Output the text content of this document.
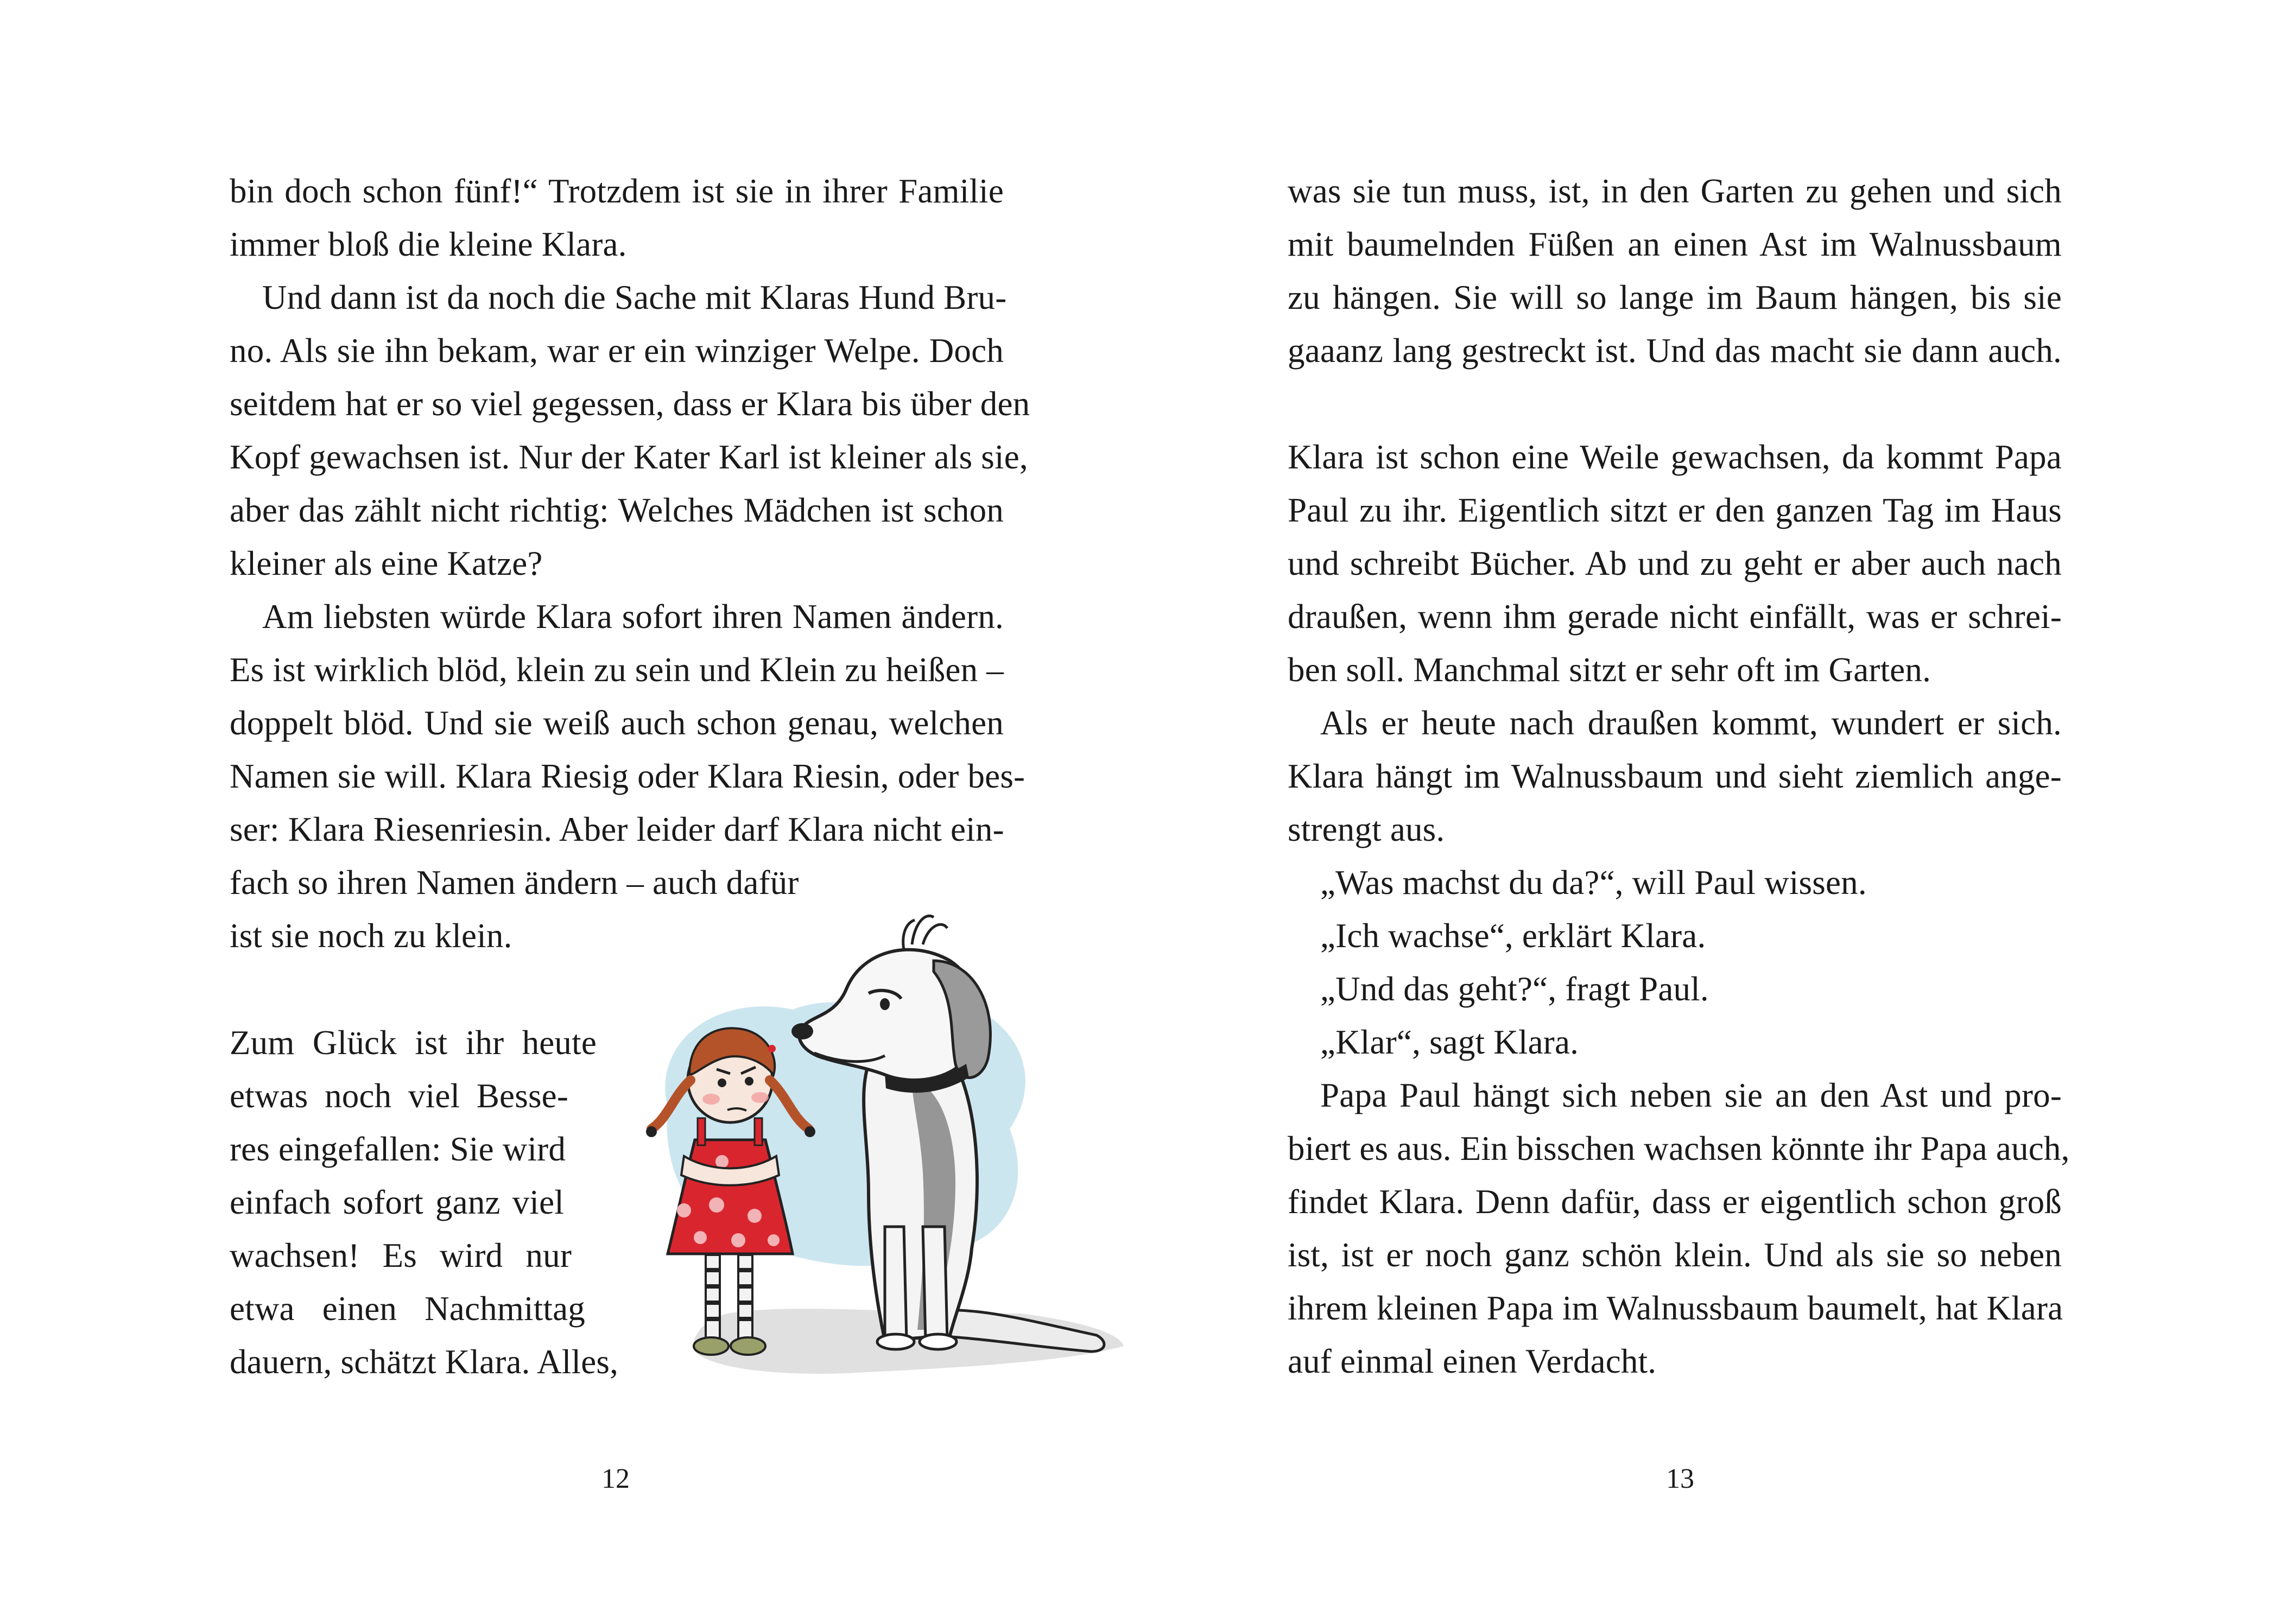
bin doch schon fünf!“ Trotzdem ist sie in ihrer Familie
immer bloß die kleine Klara.
Und dann ist da noch die Sache mit Klaras Hund Bru-
no. Als sie ihn bekam, war er ein winziger Welpe. Doch
seitdem hat er so viel gegessen, dass er Klara bis über den
Kopf gewachsen ist. Nur der Kater Karl ist kleiner als sie,
aber das zählt nicht richtig: Welches Mädchen ist schon
kleiner als eine Katze?
Am liebsten würde Klara sofort ihren Namen ändern.
Es ist wirklich blöd, klein zu sein und Klein zu heißen –
doppelt blöd. Und sie weiß auch schon genau, welchen
Namen sie will. Klara Riesig oder Klara Riesin, oder bes-
ser: Klara Riesenriesin. Aber leider darf Klara nicht ein-
fach so ihren Namen ändern – auch dafür
ist sie noch zu klein.
Zum Glück ist ihr heute
etwas noch viel Besse-
res eingefallen: Sie wird
einfach sofort ganz viel
wachsen! Es wird nur
etwa einen Nachmittag
dauern, schätzt Klara. Alles,
12
was sie tun muss, ist, in den Garten zu gehen und sich
mit baumelnden Füßen an einen Ast im Walnussbaum
zu hängen. Sie will so lange im Baum hängen, bis sie
gaaanz lang gestreckt ist. Und das macht sie dann auch.
Klara ist schon eine Weile gewachsen, da kommt Papa
Paul zu ihr. Eigentlich sitzt er den ganzen Tag im Haus
und schreibt Bücher. Ab und zu geht er aber auch nach
draußen, wenn ihm gerade nicht einfällt, was er schrei-
ben soll. Manchmal sitzt er sehr oft im Garten.
Als er heute nach draußen kommt, wundert er sich.
Klara hängt im Walnussbaum und sieht ziemlich ange-
strengt aus.
„Was machst du da?“, will Paul wissen.
„Ich wachse“, erklärt Klara.
„Und das geht?“, fragt Paul.
„Klar“, sagt Klara.
Papa Paul hängt sich neben sie an den Ast und pro-
biert es aus. Ein bisschen wachsen könnte ihr Papa auch,
findet Klara. Denn dafür, dass er eigentlich schon groß
ist, ist er noch ganz schön klein. Und als sie so neben
ihrem kleinen Papa im Walnussbaum baumelt, hat Klara
auf einmal einen Verdacht.
13
